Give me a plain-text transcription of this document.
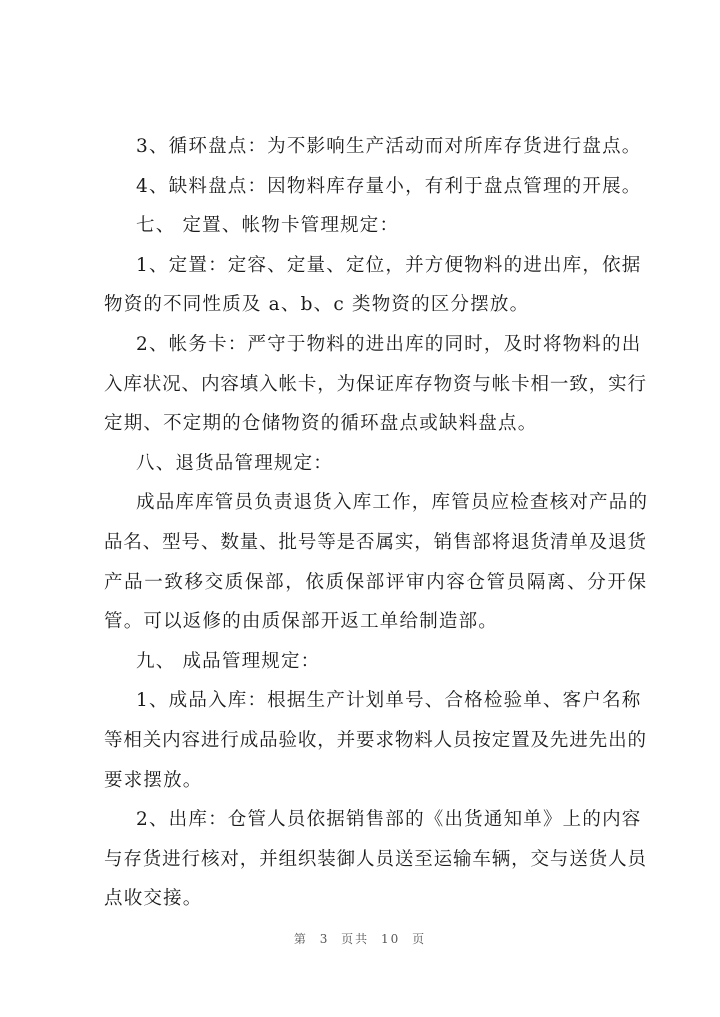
3、循环盘点：为不影响生产活动而对所库存货进行盘点。
4、缺料盘点：因物料库存量小，有利于盘点管理的开展。
七、 定置、帐物卡管理规定：
1、定置：定容、定量、定位，并方便物料的进出库，依据
物资的不同性质及 a、b、c 类物资的区分摆放。
2、帐务卡：严守于物料的进出库的同时，及时将物料的出
入库状况、内容填入帐卡，为保证库存物资与帐卡相一致，实行
定期、不定期的仓储物资的循环盘点或缺料盘点。
八、退货品管理规定：
成品库库管员负责退货入库工作，库管员应检查核对产品的
品名、型号、数量、批号等是否属实，销售部将退货清单及退货
产品一致移交质保部，依质保部评审内容仓管员隔离、分开保
管。可以返修的由质保部开返工单给制造部。
九、 成品管理规定：
1、成品入库：根据生产计划单号、合格检验单、客户名称
等相关内容进行成品验收，并要求物料人员按定置及先进先出的
要求摆放。
2、出库：仓管人员依据销售部的《出货通知单》上的内容
与存货进行核对，并组织装御人员送至运输车辆，交与送货人员
点收交接。
第 3 页共 10 页
